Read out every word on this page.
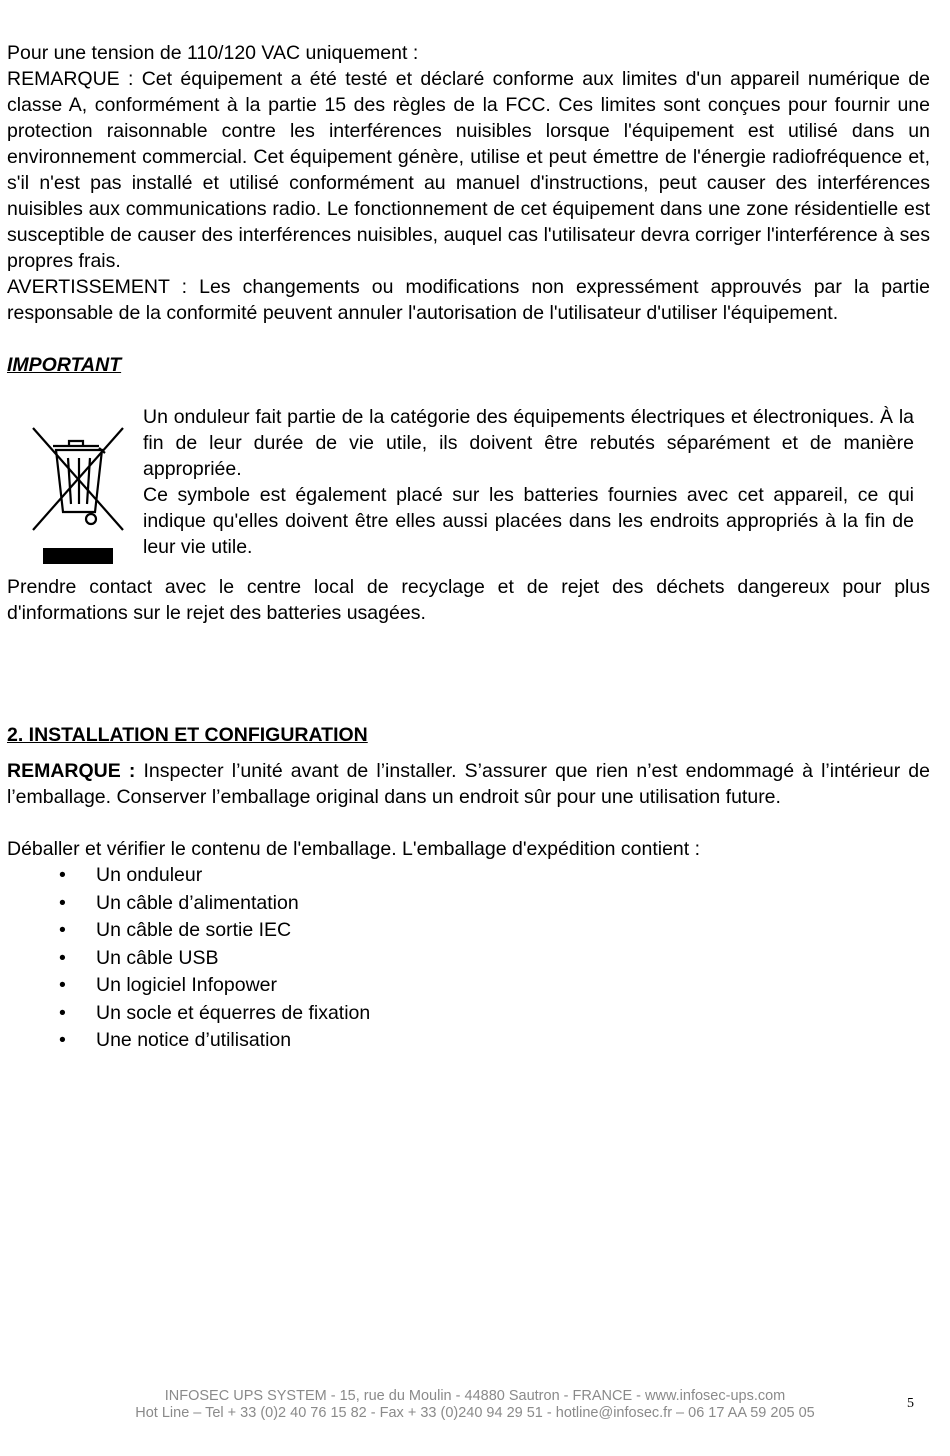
Pour une tension de 110/120 VAC uniquement :

REMARQUE : Cet équipement a été testé et déclaré conforme aux limites d'un appareil numérique de classe A, conformément à la partie 15 des règles de la FCC. Ces limites sont conçues pour fournir une protection raisonnable contre les interférences nuisibles lorsque l'équipement est utilisé dans un environnement commercial. Cet équipement génère, utilise et peut émettre de l'énergie radiofréquence et, s'il n'est pas installé et utilisé conformément au manuel d'instructions, peut causer des interférences nuisibles aux communications radio. Le fonctionnement de cet équipement dans une zone résidentielle est susceptible de causer des interférences nuisibles, auquel cas l'utilisateur devra corriger l'interférence à ses propres frais.

AVERTISSEMENT : Les changements ou modifications non expressément approuvés par la partie responsable de la conformité peuvent annuler l'autorisation de l'utilisateur d'utiliser l'équipement.

IMPORTANT

Un onduleur fait partie de la catégorie des équipements électriques et électroniques. À la fin de leur durée de vie utile, ils doivent être rebutés séparément et de manière appropriée.

Ce symbole est également placé sur les batteries fournies avec cet appareil, ce qui indique qu'elles doivent être elles aussi placées dans les endroits appropriés à la fin de leur vie utile.

Prendre contact avec le centre local de recyclage et de rejet des déchets dangereux pour plus d'informations sur le rejet des batteries usagées.

2. INSTALLATION ET CONFIGURATION

REMARQUE : Inspecter l’unité avant de l’installer. S’assurer que rien n’est endommagé à l’intérieur de l’emballage. Conserver l’emballage original dans un endroit sûr pour une utilisation future.

Déballer et vérifier le contenu de l'emballage. L'emballage d'expédition contient :

• Un onduleur
• Un câble d’alimentation
• Un câble de sortie IEC
• Un câble USB
• Un logiciel Infopower
• Un socle et équerres de fixation
• Une notice d’utilisation
INFOSEC UPS SYSTEM - 15, rue du Moulin - 44880 Sautron - FRANCE - www.infosec-ups.com
Hot Line – Tel + 33 (0)2 40 76 15 82 - Fax + 33 (0)240 94 29 51 - hotline@infosec.fr – 06 17 AA 59 205 05
5
